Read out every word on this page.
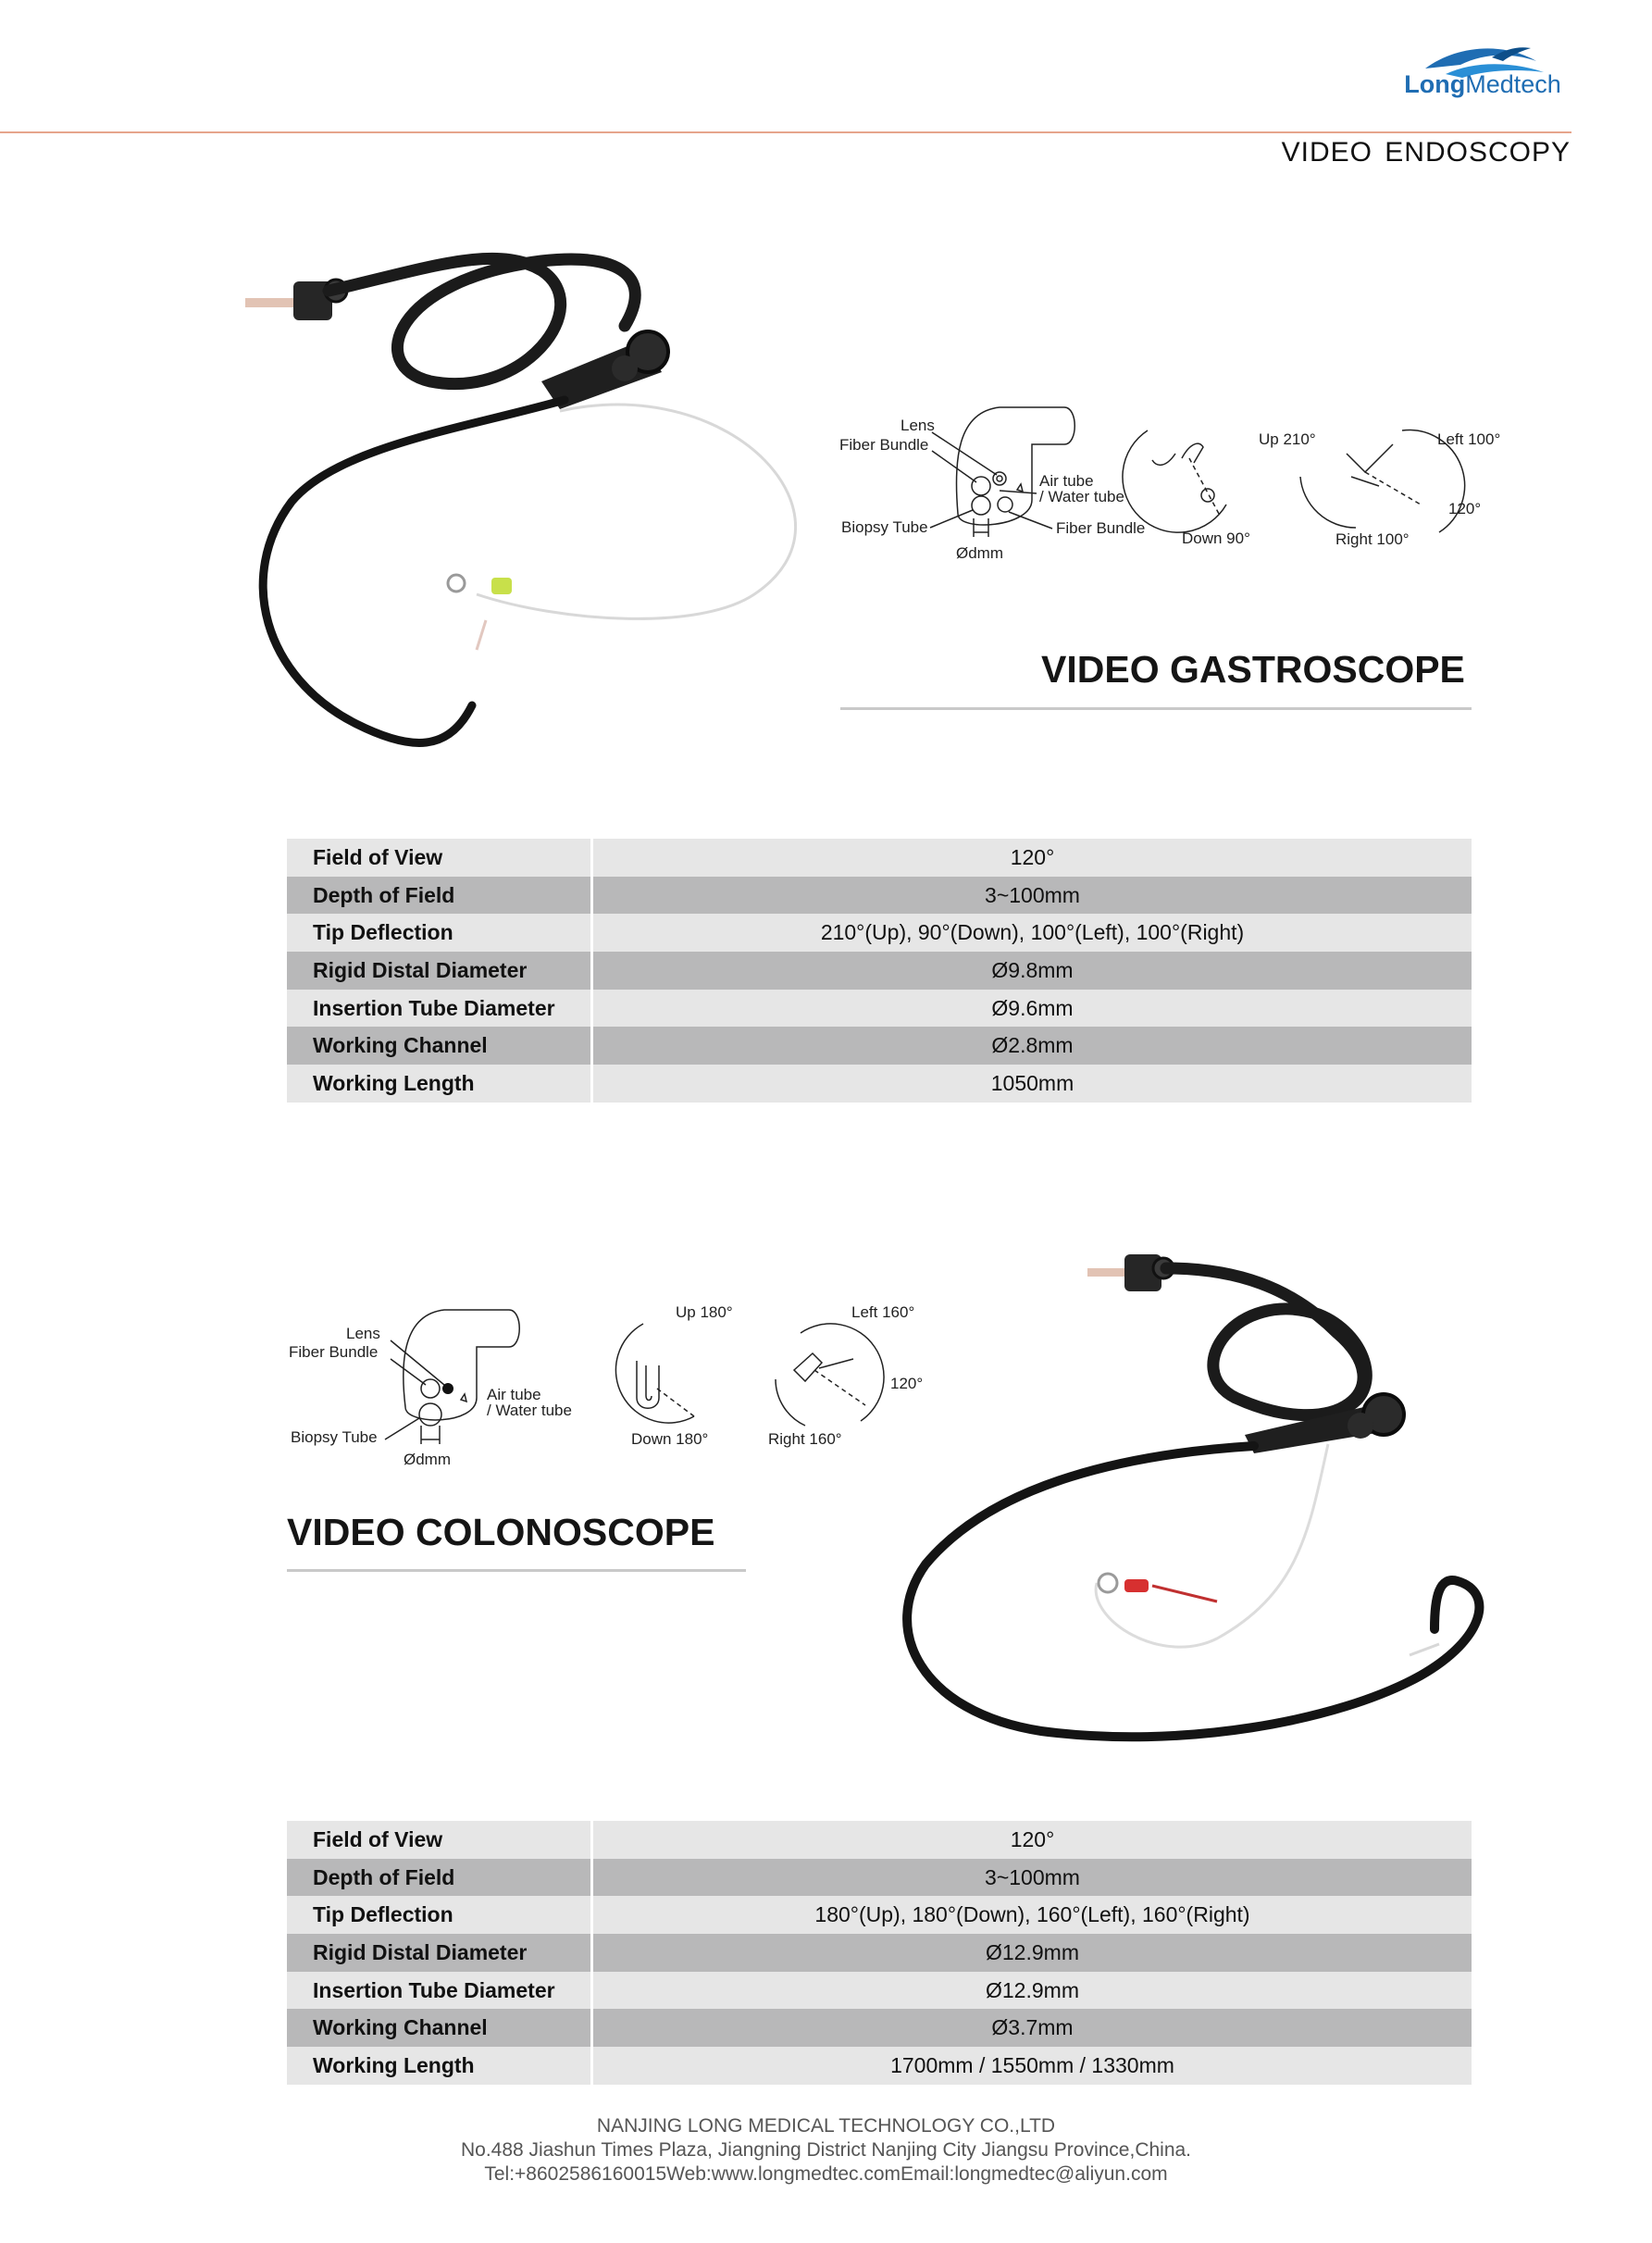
LongMedtech
VIDEO ENDOSCOPY
Lens
Fiber Bundle
Air tube
/ Water tube
Biopsy Tube	Fiber Bundle
Ødmm
Up 210°
Down 90°
Left 100°
120°
Right 100°
VIDEO GASTROSCOPE
Field of View	120°
Depth of Field	3~100mm
Tip Deflection	210°(Up), 90°(Down), 100°(Left), 100°(Right)
Rigid Distal Diameter	Ø9.8mm
Insertion Tube Diameter	Ø9.6mm
Working Channel	Ø2.8mm
Working Length	1050mm
Lens
Fiber Bundle
Air tube
/ Water tube
Biopsy Tube
Ødmm
Up 180°
Down 180°
Left 160°
120°
Right 160°
VIDEO COLONOSCOPE
Field of View	120°
Depth of Field	3~100mm
Tip Deflection	180°(Up), 180°(Down), 160°(Left), 160°(Right)
Rigid Distal Diameter	Ø12.9mm
Insertion Tube Diameter	Ø12.9mm
Working Channel	Ø3.7mm
Working Length	1700mm / 1550mm / 1330mm
NANJING LONG MEDICAL TECHNOLOGY CO.,LTD
No.488 Jiashun Times Plaza, Jiangning District Nanjing City Jiangsu Province,China.
Tel:+8602586160015Web:www.longmedtec.comEmail:longmedtec@aliyun.com
